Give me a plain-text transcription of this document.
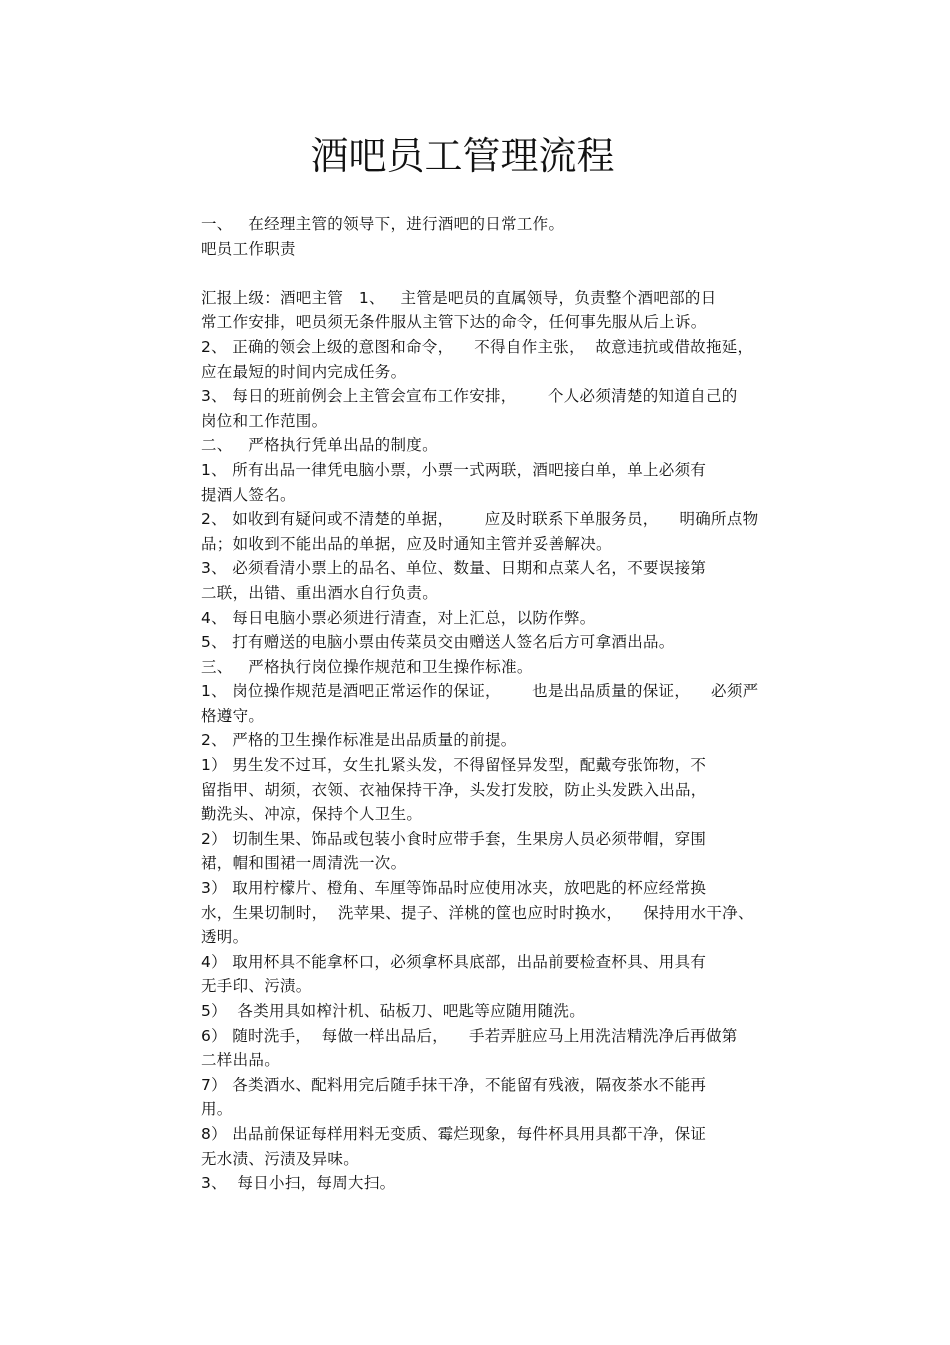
酒吧员工管理流程
一、   在经理主管的领导下，进行酒吧的日常工作。
吧员工作职责
汇报上级：酒吧主管   1、   主管是吧员的直属领导，负责整个酒吧部的日
常工作安排，吧员须无条件服从主管下达的命令，任何事先服从后上诉。
2、 正确的领会上级的意图和命令，    不得自作主张，  故意违抗或借故拖延，
应在最短的时间内完成任务。
3、 每日的班前例会上主管会宣布工作安排，      个人必须清楚的知道自己的
岗位和工作范围。
二、   严格执行凭单出品的制度。
1、 所有出品一律凭电脑小票，小票一式两联，酒吧接白单，单上必须有
提酒人签名。
2、 如收到有疑问或不清楚的单据，      应及时联系下单服务员，    明确所点物
品；如收到不能出品的单据，应及时通知主管并妥善解决。
3、 必须看清小票上的品名、单位、数量、日期和点菜人名，不要误接第
二联，出错、重出酒水自行负责。
4、 每日电脑小票必须进行清查，对上汇总，以防作弊。
5、 打有赠送的电脑小票由传菜员交由赠送人签名后方可拿酒出品。
三、   严格执行岗位操作规范和卫生操作标准。
1、 岗位操作规范是酒吧正常运作的保证，      也是出品质量的保证，    必须严
格遵守。
2、 严格的卫生操作标准是出品质量的前提。
1） 男生发不过耳，女生扎紧头发，不得留怪异发型，配戴夸张饰物，不
留指甲、胡须，衣领、衣袖保持干净，头发打发胶，防止头发跌入出品，
勤洗头、冲凉，保持个人卫生。
2） 切制生果、饰品或包装小食时应带手套，生果房人员必须带帽，穿围
裙，帽和围裙一周清洗一次。
3） 取用柠檬片、橙角、车厘等饰品时应使用冰夹，放吧匙的杯应经常换
水，生果切制时，  洗苹果、提子、洋桃的筐也应时时换水，    保持用水干净、
透明。
4） 取用杯具不能拿杯口，必须拿杯具底部，出品前要检查杯具、用具有
无手印、污渍。
5）  各类用具如榨汁机、砧板刀、吧匙等应随用随洗。
6） 随时洗手，  每做一样出品后，    手若弄脏应马上用洗洁精洗净后再做第
二样出品。
7） 各类酒水、配料用完后随手抹干净，不能留有残液，隔夜茶水不能再
用。
8） 出品前保证每样用料无变质、霉烂现象，每件杯具用具都干净，保证
无水渍、污渍及异味。
3、  每日小扫，每周大扫。
